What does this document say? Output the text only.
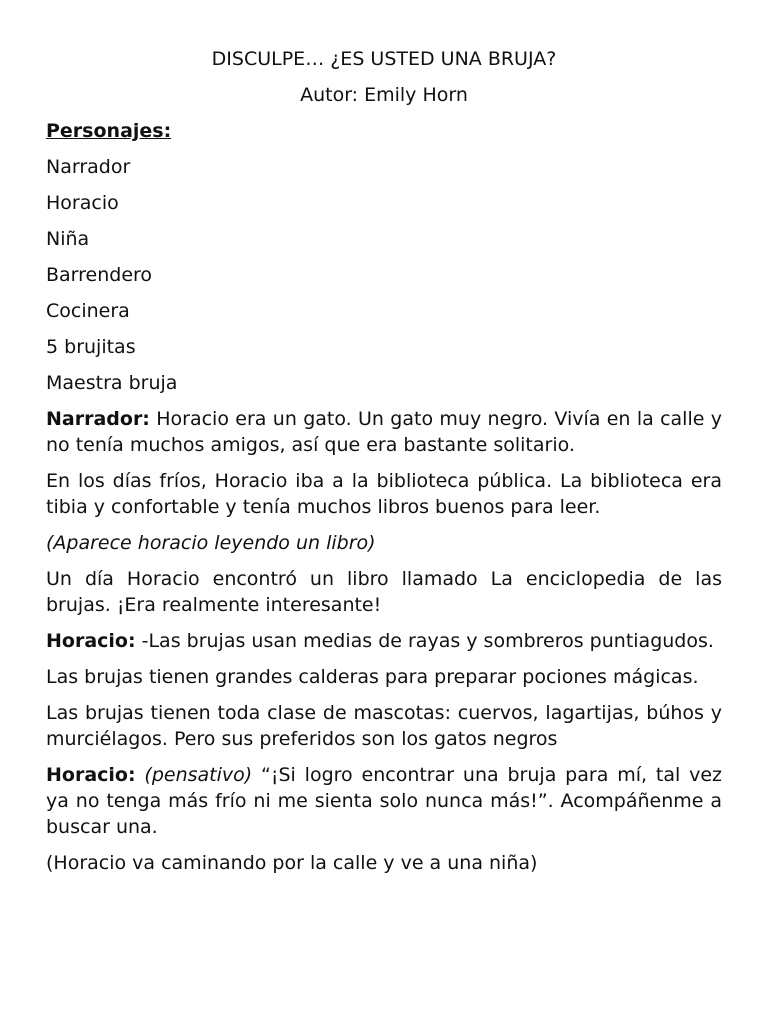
DISCULPE… ¿ES USTED UNA BRUJA?
Autor: Emily Horn
Personajes:
Narrador
Horacio
Niña
Barrendero
Cocinera
5 brujitas
Maestra bruja

Narrador: Horacio era un gato. Un gato muy negro. Vivía en la calle y no tenía muchos amigos, así que era bastante solitario.

En los días fríos, Horacio iba a la biblioteca pública. La biblioteca era tibia y confortable y tenía muchos libros buenos para leer.

(Aparece horacio leyendo un libro)

Un día Horacio encontró un libro llamado La enciclopedia de las brujas. ¡Era realmente interesante!

Horacio: -Las brujas usan medias de rayas y sombreros puntiagudos.

Las brujas tienen grandes calderas para preparar pociones mágicas.

Las brujas tienen toda clase de mascotas: cuervos, lagartijas, búhos y murciélagos. Pero sus preferidos son los gatos negros

Horacio: (pensativo) “¡Si logro encontrar una bruja para mí, tal vez ya no tenga más frío ni me sienta solo nunca más!”. Acompáñenme a buscar una.

(Horacio va caminando por la calle y ve a una niña)
